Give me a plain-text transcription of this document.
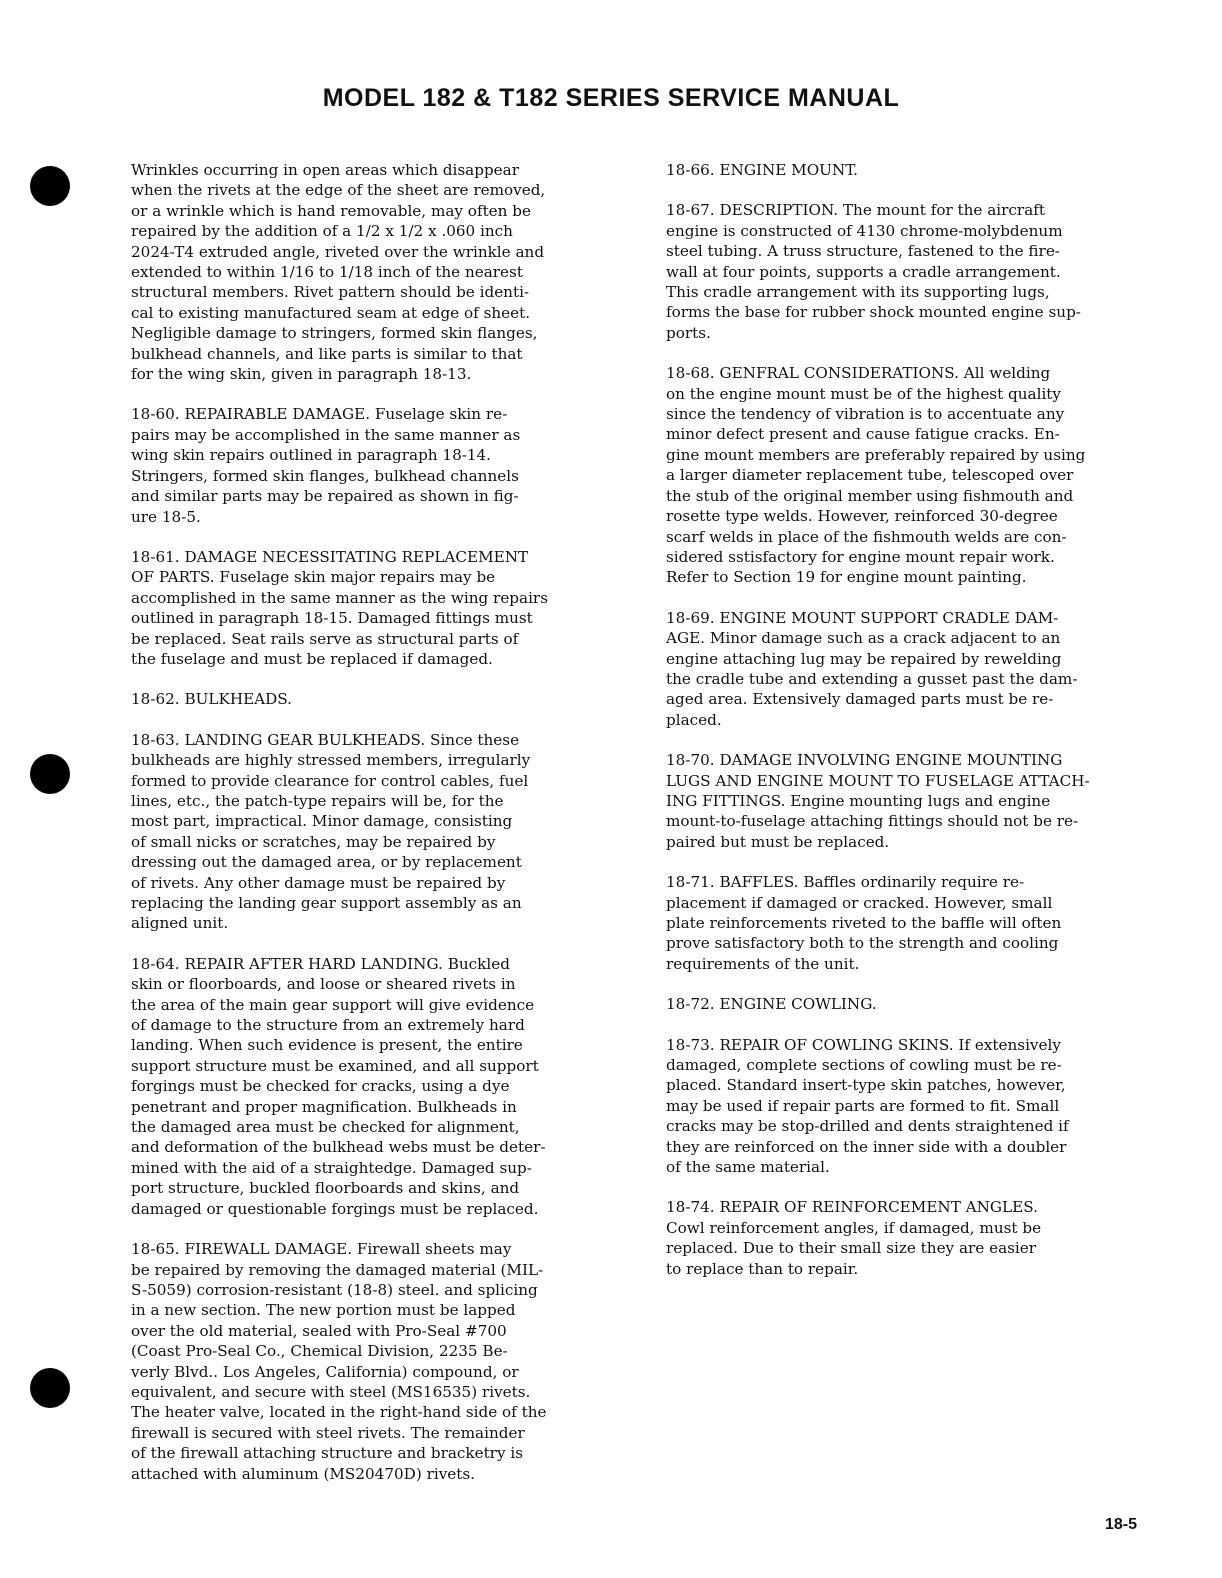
MODEL 182 & T182 SERIES SERVICE MANUAL

Wrinkles occurring in open areas which disappear
when the rivets at the edge of the sheet are removed,
or a wrinkle which is hand removable, may often be
repaired by the addition of a 1/2 x 1/2 x .060 inch
2024-T4 extruded angle, riveted over the wrinkle and
extended to within 1/16 to 1/18 inch of the nearest
structural members. Rivet pattern should be identi-
cal to existing manufactured seam at edge of sheet.
Negligible damage to stringers, formed skin flanges,
bulkhead channels, and like parts is similar to that
for the wing skin, given in paragraph 18-13.

18-60. REPAIRABLE DAMAGE. Fuselage skin re-
pairs may be accomplished in the same manner as
wing skin repairs outlined in paragraph 18-14.
Stringers, formed skin flanges, bulkhead channels
and similar parts may be repaired as shown in fig-
ure 18-5.

18-61. DAMAGE NECESSITATING REPLACEMENT
OF PARTS. Fuselage skin major repairs may be
accomplished in the same manner as the wing repairs
outlined in paragraph 18-15. Damaged fittings must
be replaced. Seat rails serve as structural parts of
the fuselage and must be replaced if damaged.

18-62. BULKHEADS.

18-63. LANDING GEAR BULKHEADS. Since these
bulkheads are highly stressed members, irregularly
formed to provide clearance for control cables, fuel
lines, etc., the patch-type repairs will be, for the
most part, impractical. Minor damage, consisting
of small nicks or scratches, may be repaired by
dressing out the damaged area, or by replacement
of rivets. Any other damage must be repaired by
replacing the landing gear support assembly as an
aligned unit.

18-64. REPAIR AFTER HARD LANDING. Buckled
skin or floorboards, and loose or sheared rivets in
the area of the main gear support will give evidence
of damage to the structure from an extremely hard
landing. When such evidence is present, the entire
support structure must be examined, and all support
forgings must be checked for cracks, using a dye
penetrant and proper magnification. Bulkheads in
the damaged area must be checked for alignment,
and deformation of the bulkhead webs must be deter-
mined with the aid of a straightedge. Damaged sup-
port structure, buckled floorboards and skins, and
damaged or questionable forgings must be replaced.

18-65. FIREWALL DAMAGE. Firewall sheets may
be repaired by removing the damaged material (MIL-
S-5059) corrosion-resistant (18-8) steel. and splicing
in a new section. The new portion must be lapped
over the old material, sealed with Pro-Seal #700
(Coast Pro-Seal Co., Chemical Division, 2235 Be-
verly Blvd.. Los Angeles, California) compound, or
equivalent, and secure with steel (MS16535) rivets.
The heater valve, located in the right-hand side of the
firewall is secured with steel rivets. The remainder
of the firewall attaching structure and bracketry is
attached with aluminum (MS20470D) rivets.

18-66. ENGINE MOUNT.

18-67. DESCRIPTION. The mount for the aircraft
engine is constructed of 4130 chrome-molybdenum
steel tubing. A truss structure, fastened to the fire-
wall at four points, supports a cradle arrangement.
This cradle arrangement with its supporting lugs,
forms the base for rubber shock mounted engine sup-
ports.

18-68. GENFRAL CONSIDERATIONS. All welding
on the engine mount must be of the highest quality
since the tendency of vibration is to accentuate any
minor defect present and cause fatigue cracks. En-
gine mount members are preferably repaired by using
a larger diameter replacement tube, telescoped over
the stub of the original member using fishmouth and
rosette type welds. However, reinforced 30-degree
scarf welds in place of the fishmouth welds are con-
sidered sstisfactory for engine mount repair work.
Refer to Section 19 for engine mount painting.

18-69. ENGINE MOUNT SUPPORT CRADLE DAM-
AGE. Minor damage such as a crack adjacent to an
engine attaching lug may be repaired by rewelding
the cradle tube and extending a gusset past the dam-
aged area. Extensively damaged parts must be re-
placed.

18-70. DAMAGE INVOLVING ENGINE MOUNTING
LUGS AND ENGINE MOUNT TO FUSELAGE ATTACH-
ING FITTINGS. Engine mounting lugs and engine
mount-to-fuselage attaching fittings should not be re-
paired but must be replaced.

18-71. BAFFLES. Baffles ordinarily require re-
placement if damaged or cracked. However, small
plate reinforcements riveted to the baffle will often
prove satisfactory both to the strength and cooling
requirements of the unit.

18-72. ENGINE COWLING.

18-73. REPAIR OF COWLING SKINS. If extensively
damaged, complete sections of cowling must be re-
placed. Standard insert-type skin patches, however,
may be used if repair parts are formed to fit. Small
cracks may be stop-drilled and dents straightened if
they are reinforced on the inner side with a doubler
of the same material.

18-74. REPAIR OF REINFORCEMENT ANGLES.
Cowl reinforcement angles, if damaged, must be
replaced. Due to their small size they are easier
to replace than to repair.

18-5
